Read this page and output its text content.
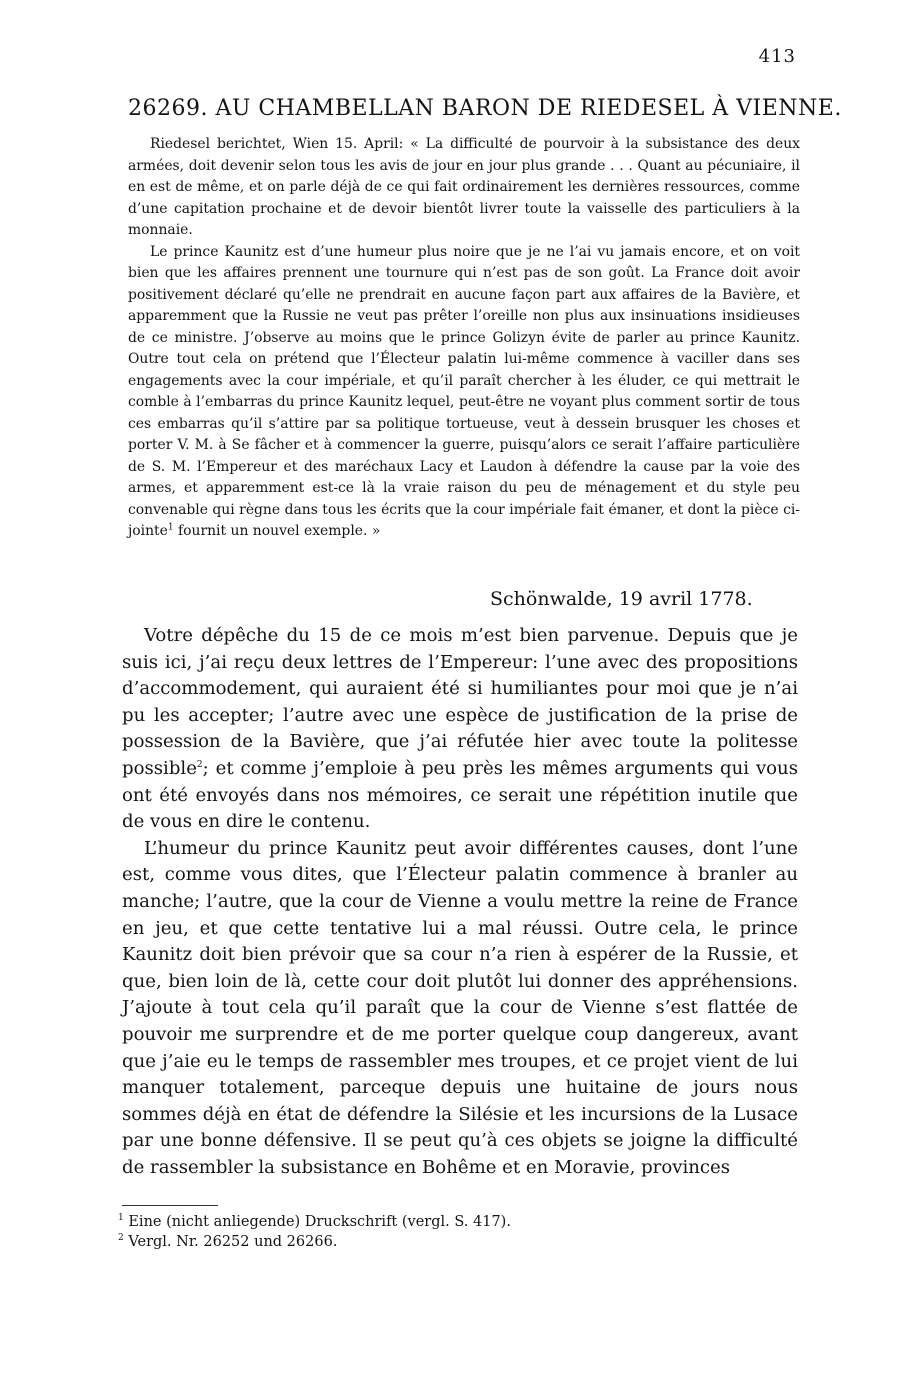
413
26269. AU CHAMBELLAN BARON DE RIEDESEL À VIENNE.

Riedesel berichtet, Wien 15. April: « La difficulté de pourvoir à la subsistance des deux armées, doit devenir selon tous les avis de jour en jour plus grande . . . Quant au pécuniaire, il en est de même, et on parle déjà de ce qui fait ordinairement les dernières ressources, comme d’une capitation prochaine et de devoir bientôt livrer toute la vaisselle des particuliers à la monnaie.

Le prince Kaunitz est d’une humeur plus noire que je ne l’ai vu jamais encore, et on voit bien que les affaires prennent une tournure qui n’est pas de son goût. La France doit avoir positivement déclaré qu’elle ne prendrait en aucune façon part aux affaires de la Bavière, et apparemment que la Russie ne veut pas prêter l’oreille non plus aux insinuations insidieuses de ce ministre. J’observe au moins que le prince Golizyn évite de parler au prince Kaunitz. Outre tout cela on prétend que l’Électeur palatin lui-même commence à vaciller dans ses engagements avec la cour impériale, et qu’il paraît chercher à les éluder, ce qui mettrait le comble à l’embarras du prince Kaunitz lequel, peut-être ne voyant plus comment sortir de tous ces embarras qu’il s’attire par sa politique tortueuse, veut à dessein brusquer les choses et porter V. M. à Se fâcher et à commencer la guerre, puisqu’alors ce serait l’affaire particulière de S. M. l’Empereur et des maréchaux Lacy et Laudon à défendre la cause par la voie des armes, et apparemment est-ce là la vraie raison du peu de ménagement et du style peu convenable qui règne dans tous les écrits que la cour impériale fait émaner, et dont la pièce ci-jointe$^1$ fournit un nouvel exemple. »

Schönwalde, 19 avril 1778.

Votre dépêche du 15 de ce mois m’est bien parvenue. Depuis que je suis ici, j’ai reçu deux lettres de l’Empereur: l’une avec des propositions d’accommodement, qui auraient été si humiliantes pour moi que je n’ai pu les accepter; l’autre avec une espèce de justification de la prise de possession de la Bavière, que j’ai réfutée hier avec toute la politesse possible$^2$; et comme j’emploie à peu près les mêmes arguments qui vous ont été envoyés dans nos mémoires, ce serait une répétition inutile que de vous en dire le contenu.

L’humeur du prince Kaunitz peut avoir différentes causes, dont l’une est, comme vous dites, que l’Électeur palatin commence à branler au manche; l’autre, que la cour de Vienne a voulu mettre la reine de France en jeu, et que cette tentative lui a mal réussi. Outre cela, le prince Kaunitz doit bien prévoir que sa cour n’a rien à espérer de la Russie, et que, bien loin de là, cette cour doit plutôt lui donner des appréhensions. J’ajoute à tout cela qu’il paraît que la cour de Vienne s’est flattée de pouvoir me surprendre et de me porter quelque coup dangereux, avant que j’aie eu le temps de rassembler mes troupes, et ce projet vient de lui manquer totalement, parceque depuis une huitaine de jours nous sommes déjà en état de défendre la Silésie et les incursions de la Lusace par une bonne défensive. Il se peut qu’à ces objets se joigne la difficulté de rassembler la subsistance en Bohême et en Moravie, provinces

$^1$ Eine (nicht anliegende) Druckschrift (vergl. S. 417).

$^2$ Vergl. Nr. 26252 und 26266.
